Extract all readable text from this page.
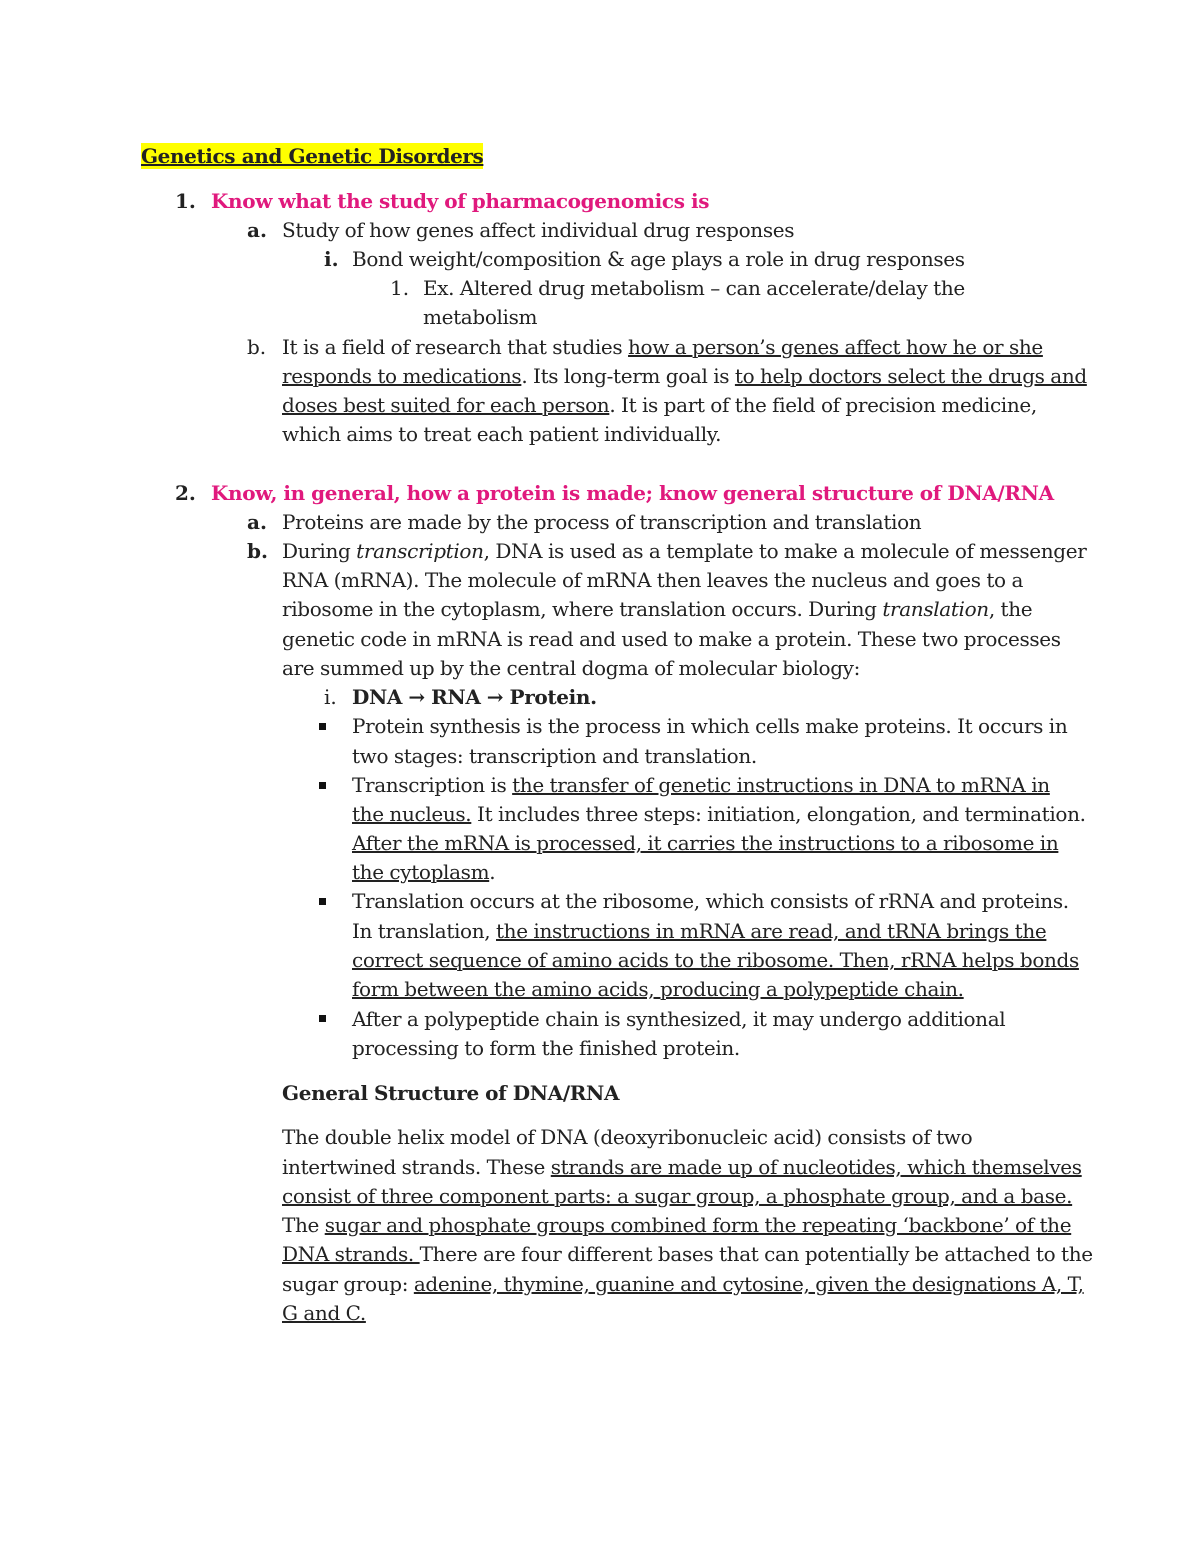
Genetics and Genetic Disorders
1. Know what the study of pharmacogenomics is
a. Study of how genes affect individual drug responses
i. Bond weight/composition & age plays a role in drug responses
1. Ex. Altered drug metabolism – can accelerate/delay the
metabolism
b. It is a field of research that studies how a person’s genes affect how he or she
responds to medications. Its long-term goal is to help doctors select the drugs and
doses best suited for each person. It is part of the field of precision medicine,
which aims to treat each patient individually.
2. Know, in general, how a protein is made; know general structure of DNA/RNA
a. Proteins are made by the process of transcription and translation
b. During transcription, DNA is used as a template to make a molecule of messenger
RNA (mRNA). The molecule of mRNA then leaves the nucleus and goes to a
ribosome in the cytoplasm, where translation occurs. During translation, the
genetic code in mRNA is read and used to make a protein. These two processes
are summed up by the central dogma of molecular biology:
i. DNA → RNA → Protein.
Protein synthesis is the process in which cells make proteins. It occurs in
two stages: transcription and translation.
Transcription is the transfer of genetic instructions in DNA to mRNA in
the nucleus. It includes three steps: initiation, elongation, and termination.
After the mRNA is processed, it carries the instructions to a ribosome in
the cytoplasm.
Translation occurs at the ribosome, which consists of rRNA and proteins.
In translation, the instructions in mRNA are read, and tRNA brings the
correct sequence of amino acids to the ribosome. Then, rRNA helps bonds
form between the amino acids, producing a polypeptide chain.
After a polypeptide chain is synthesized, it may undergo additional
processing to form the finished protein.
General Structure of DNA/RNA
The double helix model of DNA (deoxyribonucleic acid) consists of two
intertwined strands. These strands are made up of nucleotides, which themselves
consist of three component parts: a sugar group, a phosphate group, and a base.
The sugar and phosphate groups combined form the repeating ‘backbone’ of the
DNA strands. There are four different bases that can potentially be attached to the
sugar group: adenine, thymine, guanine and cytosine, given the designations A, T,
G and C.
